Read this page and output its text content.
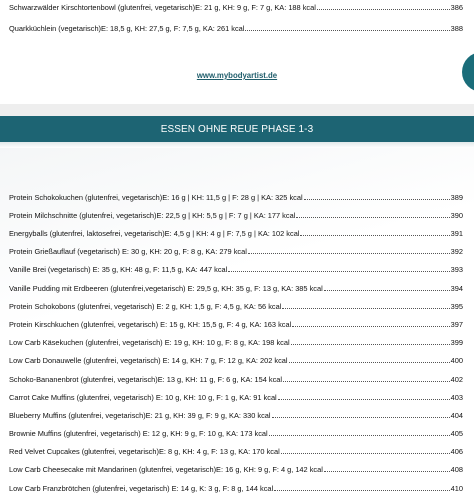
Schwarzwälder Kirschtortenbowl (glutenfrei, vegetarisch)E: 21 g, KH: 9 g, F: 7 g, KA: 188 kcal	386
Quarkküchlein (vegetarisch)E: 18,5 g, KH: 27,5 g, F: 7,5 g, KA: 261 kcal	388
www.mybodyartist.de
ESSEN OHNE REUE PHASE 1-3
Protein Schokokuchen (glutenfrei, vegetarisch)E: 16 g | KH: 11,5 g | F: 28 g | KA: 325 kcal	389
Protein Milchschnitte (glutenfrei, vegetarisch)E: 22,5 g | KH: 5,5 g | F: 7 g | KA: 177 kcal	390
Energyballs (glutenfrei, laktosefrei, vegetarisch)E: 4,5 g | KH: 4 g | F: 7,5 g | KA: 102 kcal	391
Protein Grießauflauf (vegetarisch) E: 30 g, KH: 20 g, F: 8 g, KA: 279 kcal	392
Vanille Brei (vegetarisch) E: 35 g, KH: 48 g, F: 11,5 g, KA: 447 kcal	393
Vanille Pudding mit Erdbeeren (glutenfrei,vegetarisch) E: 29,5 g, KH: 35 g, F: 13 g, KA: 385 kcal	394
Protein Schokobons (glutenfrei, vegetarisch) E: 2 g, KH: 1,5 g, F: 4,5 g, KA: 56 kcal	395
Protein Kirschkuchen (glutenfrei, vegetarisch) E: 15 g, KH: 15,5 g, F: 4 g, KA: 163 kcal	397
Low Carb Käsekuchen (glutenfrei, vegetarisch) E: 19 g, KH: 10 g, F: 8 g, KA: 198 kcal	399
Low Carb Donauwelle (glutenfrei, vegetarisch) E: 14 g, KH: 7 g, F: 12 g, KA: 202 kcal	400
Schoko-Bananenbrot (glutenfrei, vegetarisch)E: 13 g, KH: 11 g, F: 6 g, KA: 154 kcal	402
Carrot Cake Muffins (glutenfrei, vegetarisch) E: 10 g, KH: 10 g, F: 1 g, KA: 91 kcal	403
Blueberry Muffins (glutenfrei, vegetarisch)E: 21 g, KH: 39 g, F: 9 g, KA: 330 kcal	404
Brownie Muffins (glutenfrei, vegetarisch) E: 12 g, KH: 9 g, F: 10 g, KA: 173 kcal	405
Red Velvet Cupcakes (glutenfrei, vegetarisch)E: 8 g, KH: 4 g, F: 13 g, KA: 170 kcal	406
Low Carb Cheesecake mit Mandarinen (glutenfrei, vegetarisch)E: 16 g, KH: 9 g, F: 4 g, 142 kcal	408
Low Carb Franzbrötchen (glutenfrei, vegetarisch) E: 14 g, K: 3 g, F: 8 g, 144 kcal	410
